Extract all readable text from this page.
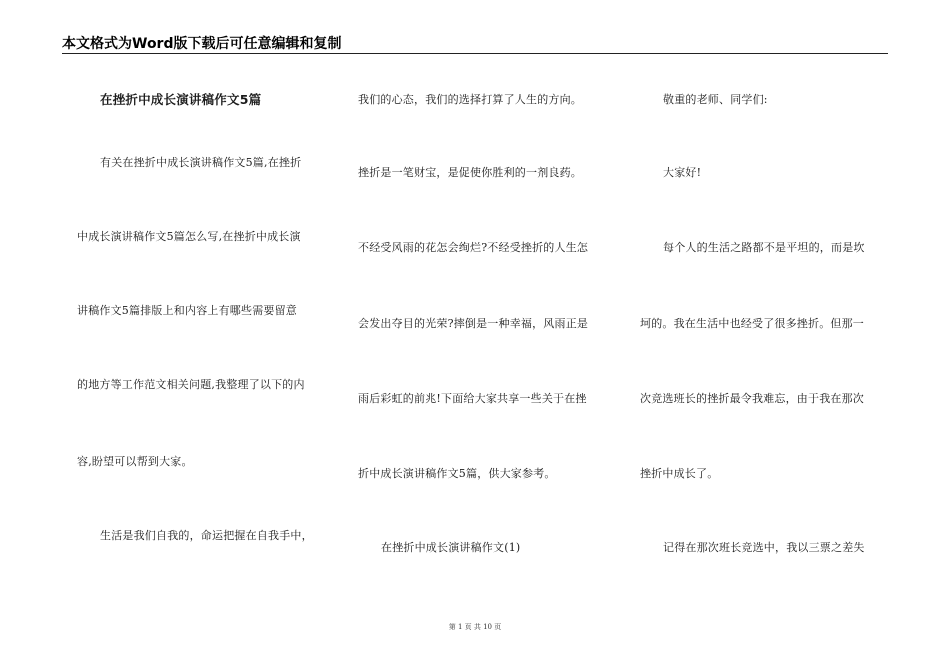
本文格式为Word版下载后可任意编辑和复制
在挫折中成长演讲稿作文5篇
有关在挫折中成长演讲稿作文5篇,在挫折
中成长演讲稿作文5篇怎么写,在挫折中成长演
讲稿作文5篇排版上和内容上有哪些需要留意
的地方等工作范文相关问题,我整理了以下的内
容,盼望可以帮到大家。
生活是我们自我的，命运把握在自我手中，
我们的心态，我们的选择打算了人生的方向。
挫折是一笔财宝，是促使你胜利的一剂良药。
不经受风雨的花怎会绚烂?不经受挫折的人生怎
会发出夺目的光荣?摔倒是一种幸福，风雨正是
雨后彩虹的前兆!下面给大家共享一些关于在挫
折中成长演讲稿作文5篇，供大家参考。
在挫折中成长演讲稿作文(1)
敬重的老师、同学们:
大家好!
每个人的生活之路都不是平坦的，而是坎
坷的。我在生活中也经受了很多挫折。但那一
次竞选班长的挫折最令我难忘，由于我在那次
挫折中成长了。
记得在那次班长竞选中，我以三票之差失
第 1 页 共 10 页
